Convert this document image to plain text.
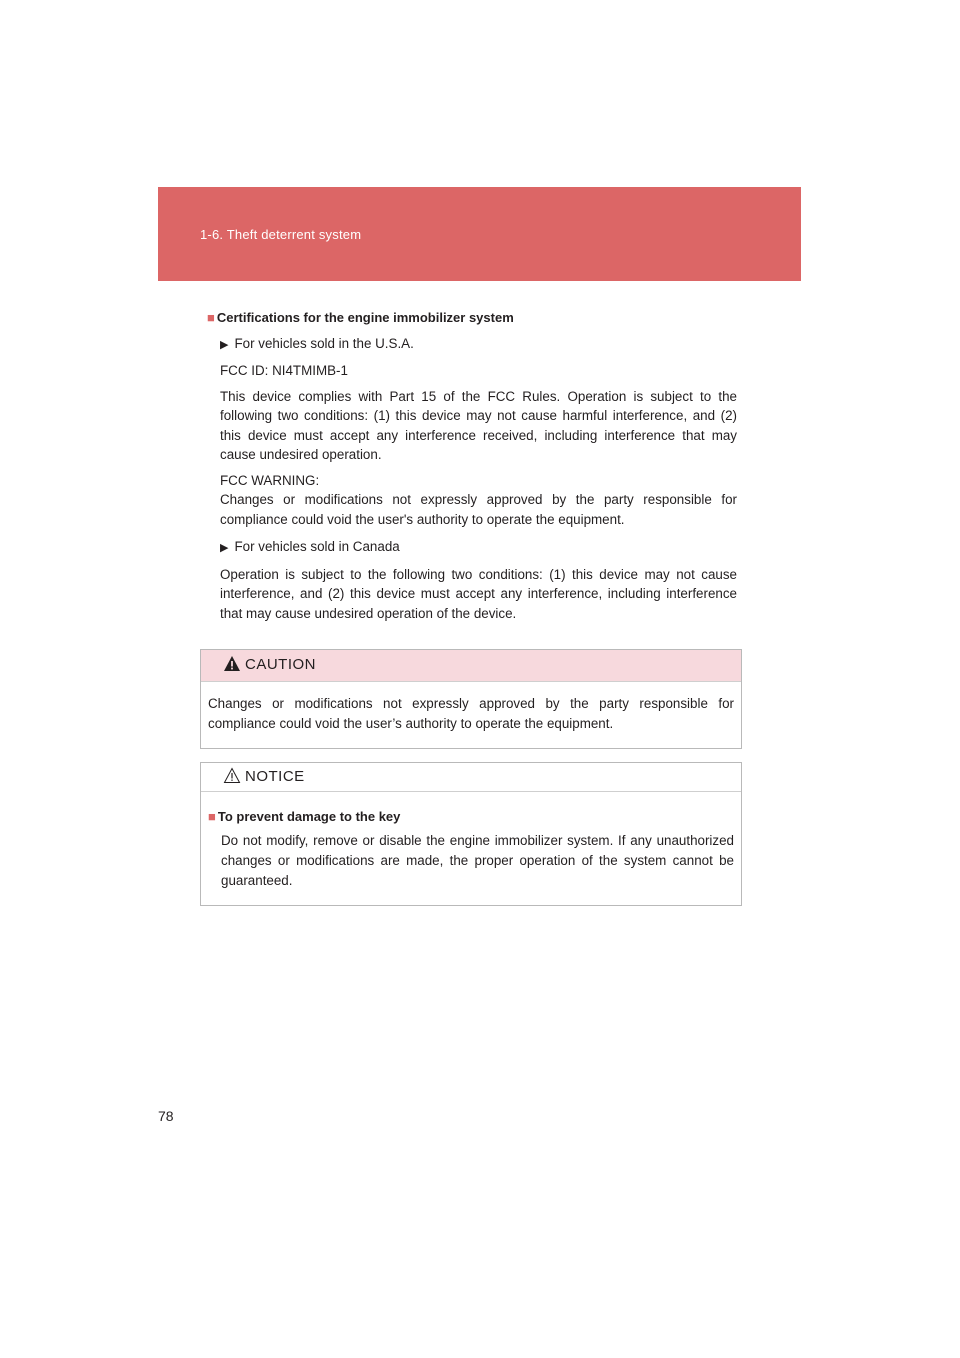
1-6. Theft deterrent system
■ Certifications for the engine immobilizer system
▶ For vehicles sold in the U.S.A.
FCC ID: NI4TMIMB-1
This device complies with Part 15 of the FCC Rules. Operation is subject to the following two conditions: (1) this device may not cause harmful interference, and (2) this device must accept any interference received, including interference that may cause undesired operation.
FCC WARNING:
Changes or modifications not expressly approved by the party responsible for compliance could void the user's authority to operate the equipment.
▶ For vehicles sold in Canada
Operation is subject to the following two conditions: (1) this device may not cause interference, and (2) this device must accept any interference, including interference that may cause undesired operation of the device.
CAUTION
Changes or modifications not expressly approved by the party responsible for compliance could void the user’s authority to operate the equipment.
NOTICE
■ To prevent damage to the key
Do not modify, remove or disable the engine immobilizer system. If any unauthorized changes or modifications are made, the proper operation of the system cannot be guaranteed.
78
